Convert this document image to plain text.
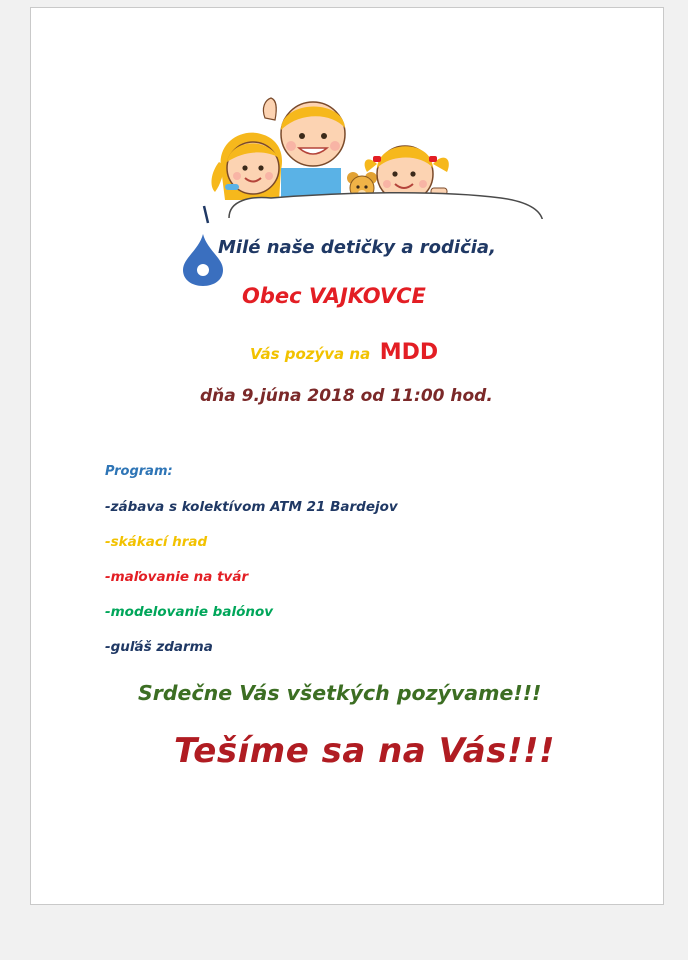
Milé naše detičky a rodičia,
Obec VAJKOVCE
Vás pozýva na MDD
dňa 9.júna 2018 od 11:00 hod.
Program:
-zábava s kolektívom ATM 21 Bardejov
-skákací hrad
-maľovanie na tvár
-modelovanie balónov
-guľáš zdarma
Srdečne Vás všetkých pozývame!!!
Tešíme sa na Vás!!!
